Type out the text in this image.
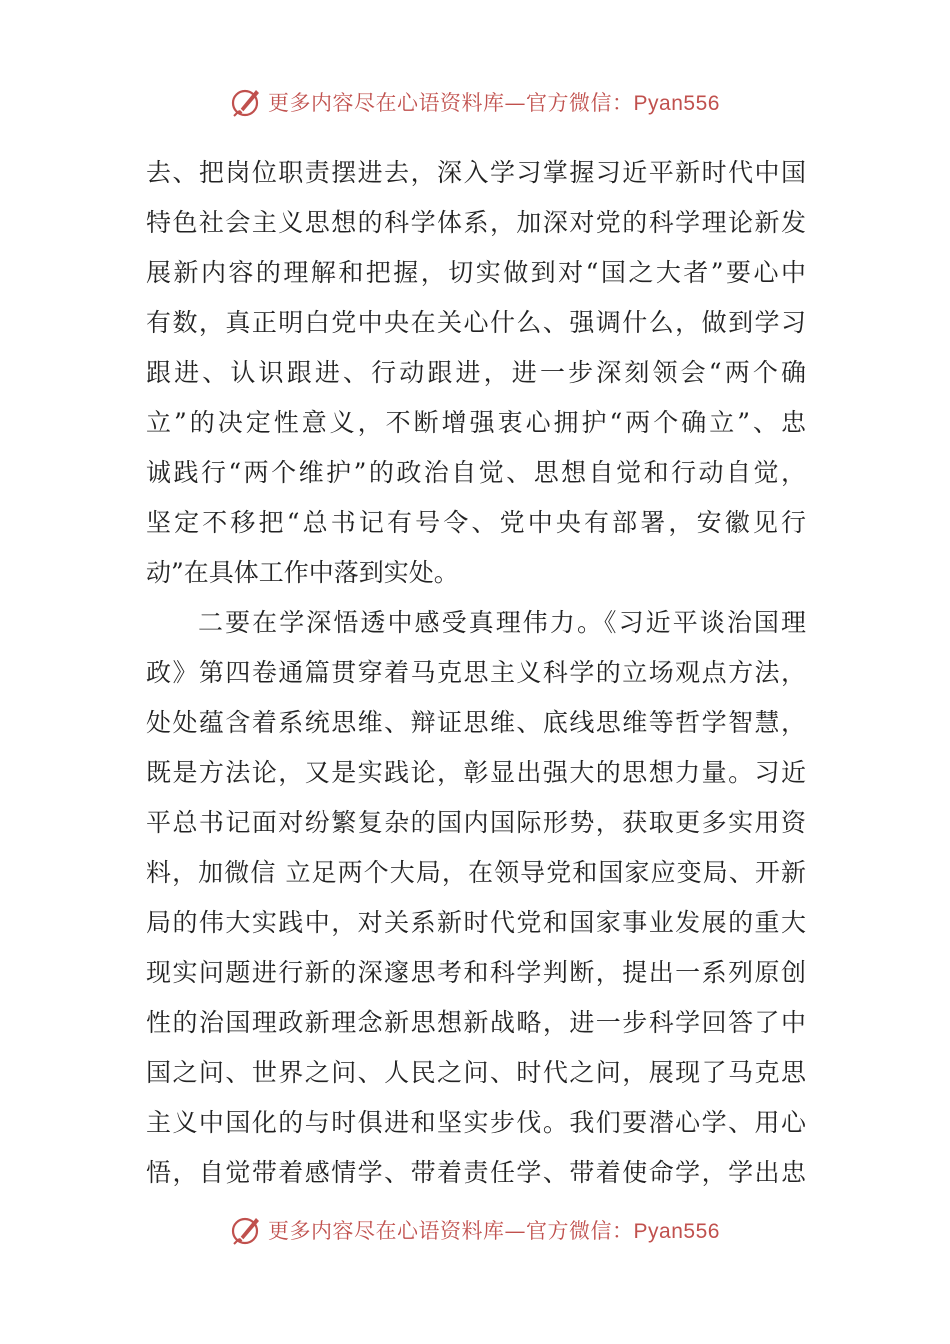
更多内容尽在心语资料库—官方微信：Pyan556
去、把岗位职责摆进去，深入学习掌握习近平新时代中国
特色社会主义思想的科学体系，加深对党的科学理论新发
展新内容的理解和把握，切实做到对“国之大者”要心中
有数，真正明白党中央在关心什么、强调什么，做到学习
跟进、认识跟进、行动跟进，进一步深刻领会“两个确
立”的决定性意义，不断增强衷心拥护“两个确立”、忠
诚践行“两个维护”的政治自觉、思想自觉和行动自觉，
坚定不移把“总书记有号令、党中央有部署，安徽见行
动”在具体工作中落到实处。
二要在学深悟透中感受真理伟力。《习近平谈治国理
政》第四卷通篇贯穿着马克思主义科学的立场观点方法，
处处蕴含着系统思维、辩证思维、底线思维等哲学智慧，
既是方法论，又是实践论，彰显出强大的思想力量。习近
平总书记面对纷繁复杂的国内国际形势，获取更多实用资
料，加微信 立足两个大局，在领导党和国家应变局、开新
局的伟大实践中，对关系新时代党和国家事业发展的重大
现实问题进行新的深邃思考和科学判断，提出一系列原创
性的治国理政新理念新思想新战略，进一步科学回答了中
国之问、世界之问、人民之问、时代之问，展现了马克思
主义中国化的与时俱进和坚实步伐。我们要潜心学、用心
悟，自觉带着感情学、带着责任学、带着使命学，学出忠
更多内容尽在心语资料库—官方微信：Pyan556
